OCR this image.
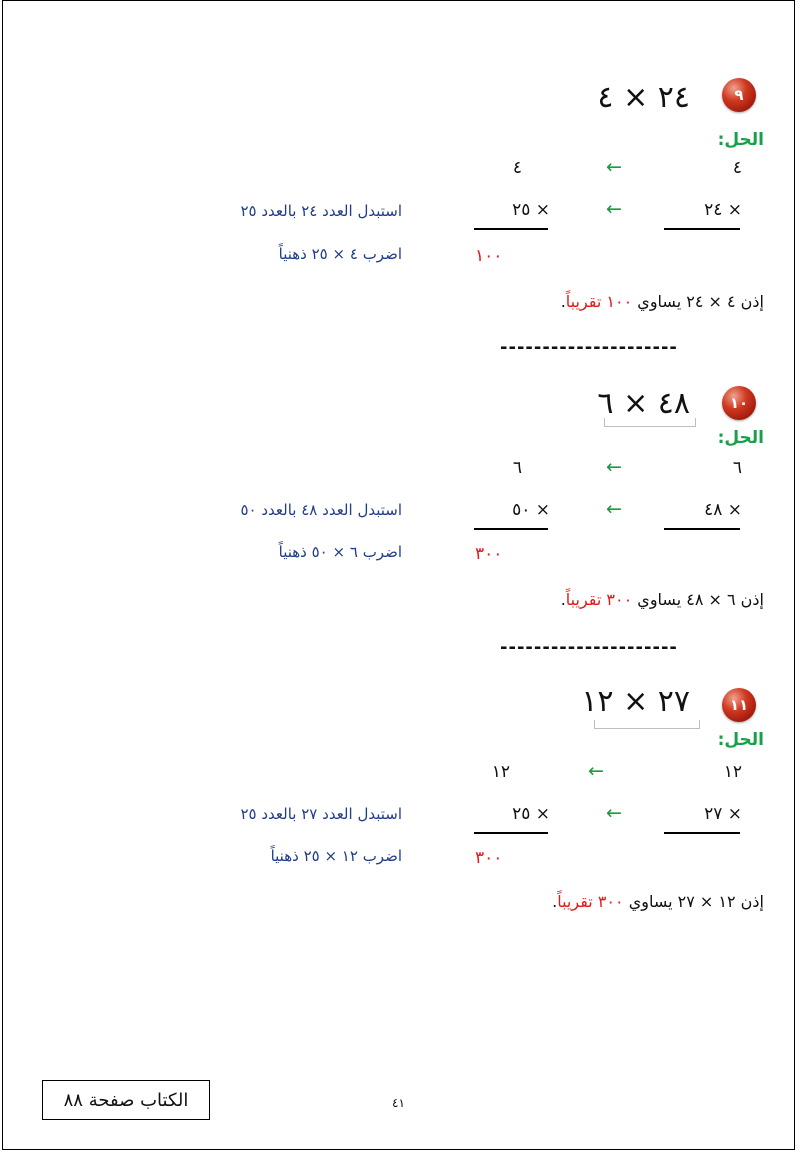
٩
٢٤ × ٤
الحل:
٤
←
٤
× ٢٤
←
× ٢٥
استبدل العدد ٢٤ بالعدد ٢٥
١٠٠
اضرب ٤ × ٢٥ ذهنياً
إذن ٤ × ٢٤ يساوي ١٠٠ تقريباً.
---------------------
١٠
٤٨ × ٦
الحل:
٦
←
٦
× ٤٨
←
× ٥٠
استبدل العدد ٤٨ بالعدد ٥٠
٣٠٠
اضرب ٦ × ٥٠ ذهنياً
إذن ٦ × ٤٨ يساوي ٣٠٠ تقريباً.
---------------------
١١
٢٧ × ١٢
الحل:
١٢
←
١٢
× ٢٧
←
× ٢٥
استبدل العدد ٢٧ بالعدد ٢٥
٣٠٠
اضرب ١٢ × ٢٥ ذهنياً
إذن ١٢ × ٢٧ يساوي ٣٠٠ تقريباً.
الكتاب صفحة ٨٨	٤١
